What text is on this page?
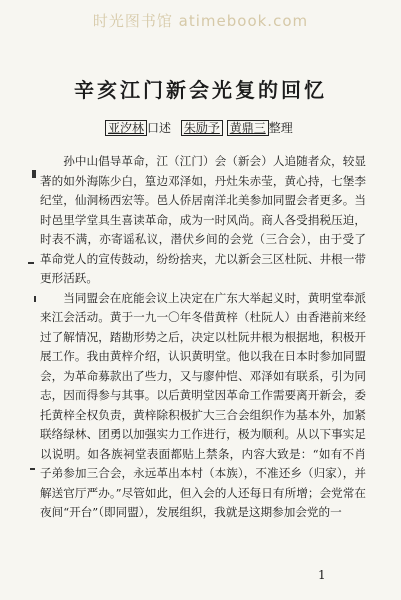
时光图书馆 atimebook.com
辛亥江门新会光复的回忆
亚汐林 口述 朱励予 黄鼎三 整理

孙中山倡导革命，江（江门）会（新会）人追随者众，较显著的如外海陈少白，篁边邓泽如，丹灶朱赤莹，黄心持，七堡李纪堂，仙洞杨西宏等。邑人侨居南洋北美参加同盟会者更多。当时邑里学堂具生喜读革命，成为一时风尚。商人各受捐税压迫，时表不满，亦寄谣私议，潜伏乡间的会党（三合会），由于受了革命党人的宣传鼓动，纷纷捨夹，尤以新会三区杜阮、井根一带更形活跃。

当同盟会在庇能会议上决定在广东大举起义时，黄明堂奉派来江会活动。黄于一九一〇年冬借黄梓（杜阮人）由香港前来经过了解情况，踏勘形势之后，决定以杜阮井根为根据地，积极开展工作。我由黄梓介绍，认识黄明堂。他以我在日本时参加同盟会，为革命募款出了些力，又与廖仲恺、邓泽如有联系，引为同志，因而得参与其事。以后黄明堂因革命工作需要离开新会，委托黄梓全权负责，黄梓除积极扩大三合会组织作为基本外，加紧联络绿林、团勇以加强实力工作进行，极为顺利。从以下事实足以说明。如各族祠堂表面都贴上禁条，内容大致是：“如有不肖子弟参加三合会，永远革出本村（本族），不准还乡（归家），并解送官厅严办。”尽管如此，但入会的人还每日有所增；会党常在夜间“开台”（即同盟），发展组织，我就是这期参加会党的一

1
